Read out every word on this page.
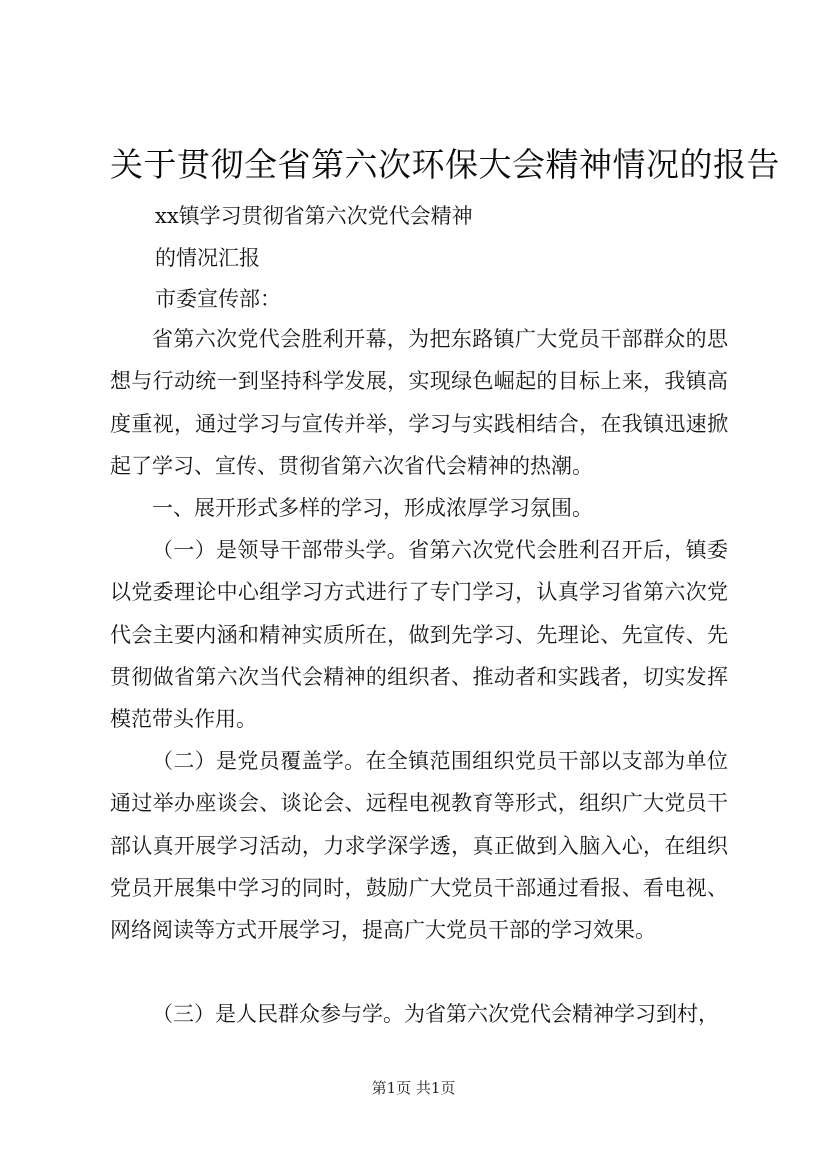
关于贯彻全省第六次环保大会精神情况的报告
xx镇学习贯彻省第六次党代会精神
的情况汇报
市委宣传部：
省第六次党代会胜利开幕，为把东路镇广大党员干部群众的思想与行动统一到坚持科学发展，实现绿色崛起的目标上来，我镇高度重视，通过学习与宣传并举，学习与实践相结合，在我镇迅速掀起了学习、宣传、贯彻省第六次省代会精神的热潮。
一、展开形式多样的学习，形成浓厚学习氛围。
（一）是领导干部带头学。省第六次党代会胜利召开后，镇委以党委理论中心组学习方式进行了专门学习，认真学习省第六次党代会主要内涵和精神实质所在，做到先学习、先理论、先宣传、先贯彻做省第六次当代会精神的组织者、推动者和实践者，切实发挥模范带头作用。
（二）是党员覆盖学。在全镇范围组织党员干部以支部为单位通过举办座谈会、谈论会、远程电视教育等形式，组织广大党员干部认真开展学习活动，力求学深学透，真正做到入脑入心，在组织党员开展集中学习的同时，鼓励广大党员干部通过看报、看电视、网络阅读等方式开展学习，提高广大党员干部的学习效果。
（三）是人民群众参与学。为省第六次党代会精神学习到村，
第1页 共1页
